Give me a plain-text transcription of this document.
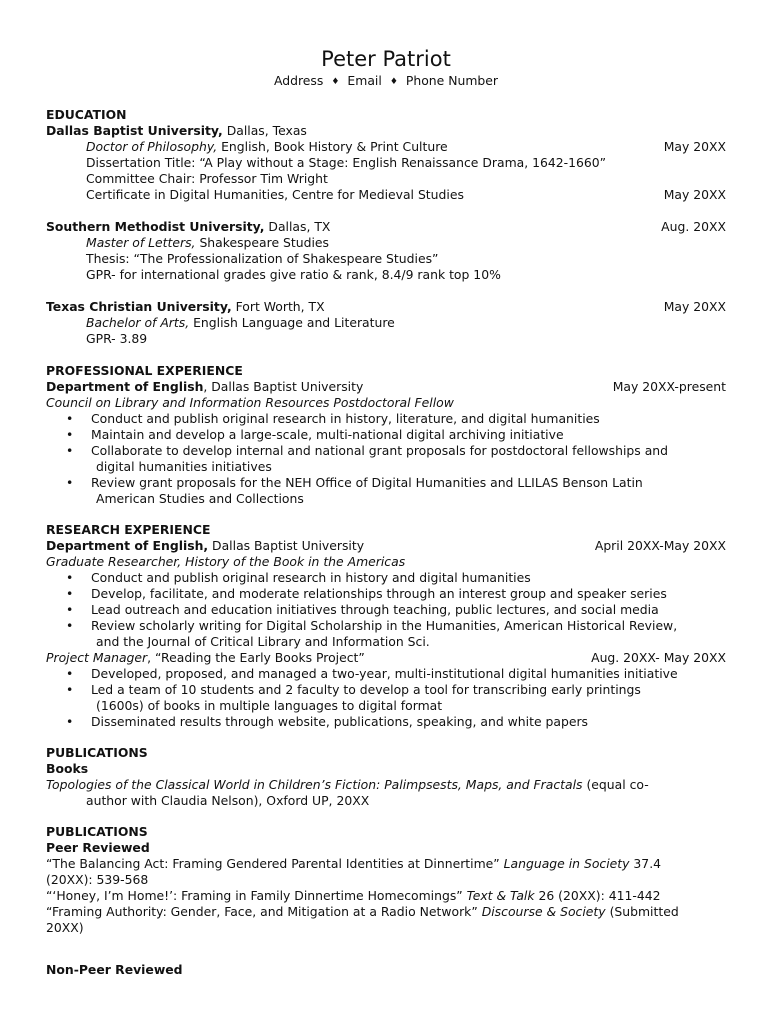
Peter Patriot
Address ♦ Email ♦ Phone Number
EDUCATION
Dallas Baptist University, Dallas, Texas
Doctor of Philosophy, English, Book History & Print Culture	May 20XX
Dissertation Title: “A Play without a Stage: English Renaissance Drama, 1642-1660”
Committee Chair: Professor Tim Wright
Certificate in Digital Humanities, Centre for Medieval Studies	May 20XX
Southern Methodist University, Dallas, TX	Aug. 20XX
Master of Letters, Shakespeare Studies
Thesis: “The Professionalization of Shakespeare Studies”
GPR- for international grades give ratio & rank, 8.4/9 rank top 10%
Texas Christian University, Fort Worth, TX	May 20XX
Bachelor of Arts, English Language and Literature
GPR- 3.89
PROFESSIONAL EXPERIENCE
Department of English, Dallas Baptist University	May 20XX-present
Council on Library and Information Resources Postdoctoral Fellow
• Conduct and publish original research in history, literature, and digital humanities
• Maintain and develop a large-scale, multi-national digital archiving initiative
• Collaborate to develop internal and national grant proposals for postdoctoral fellowships and
digital humanities initiatives
• Review grant proposals for the NEH Office of Digital Humanities and LLILAS Benson Latin
American Studies and Collections
RESEARCH EXPERIENCE
Department of English, Dallas Baptist University	April 20XX-May 20XX
Graduate Researcher, History of the Book in the Americas
• Conduct and publish original research in history and digital humanities
• Develop, facilitate, and moderate relationships through an interest group and speaker series
• Lead outreach and education initiatives through teaching, public lectures, and social media
• Review scholarly writing for Digital Scholarship in the Humanities, American Historical Review,
and the Journal of Critical Library and Information Sci.
Project Manager, “Reading the Early Books Project”	Aug. 20XX- May 20XX
• Developed, proposed, and managed a two-year, multi-institutional digital humanities initiative
• Led a team of 10 students and 2 faculty to develop a tool for transcribing early printings
(1600s) of books in multiple languages to digital format
• Disseminated results through website, publications, speaking, and white papers
PUBLICATIONS
Books
Topologies of the Classical World in Children’s Fiction: Palimpsests, Maps, and Fractals (equal co-
author with Claudia Nelson), Oxford UP, 20XX
PUBLICATIONS
Peer Reviewed
“The Balancing Act: Framing Gendered Parental Identities at Dinnertime” Language in Society 37.4
(20XX): 539-568
“‘Honey, I’m Home!’: Framing in Family Dinnertime Homecomings” Text & Talk 26 (20XX): 411-442
“Framing Authority: Gender, Face, and Mitigation at a Radio Network” Discourse & Society (Submitted
20XX)
Non-Peer Reviewed
